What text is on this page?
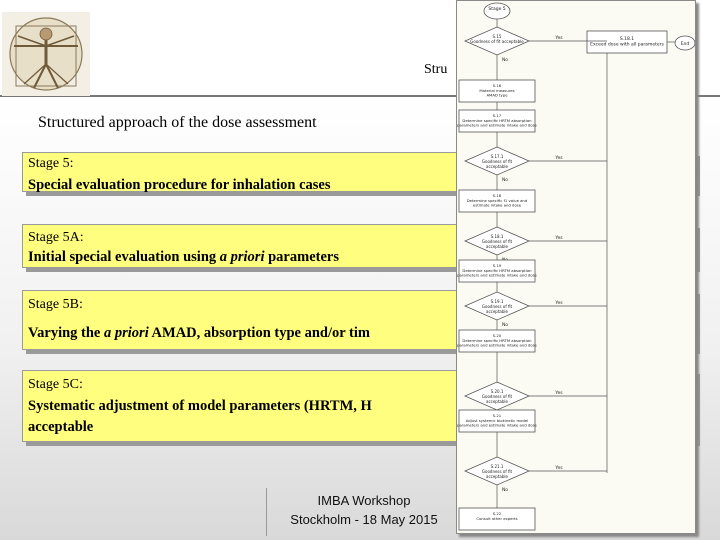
Stru
Structured approach of the dose assessment
Stage 5:
Special evaluation procedure for inhalation cases
Stage 5A:
Initial special evaluation using a priori parameters
Stage 5B:
Varying the a priori AMAD, absorption type and/or tim
Stage 5C:
Systematic adjustment of model parameters (HRTM, H
acceptable
IMBA Workshop
Stockholm - 18 May 2015
Stage 5
End
S.18.1 Exceed dose with all parameters
S.15 Goodness of fit acceptable
Yes
No
S.16 Material measures AMAD type
S.17 Determine specific HRTM absorption parameters and estimate intake and dose
S.17.1 Goodness of fit acceptable
Yes
No
S.18 Determine specific f1 value and estimate intake and dose
S.18.1 Goodness of fit acceptable
Yes
S.19 Determine specific HRTM absorption parameters and estimate intake and dose
S.19.1 Goodness of fit acceptable
Yes
No
S.20 Determine specific HRTM absorption parameters and estimate intake and dose
S.20.1 Goodness of fit acceptable
Yes
S.21 Adjust systemic biokinetic model parameters and estimate intake and dose
S.21.1 Goodness of fit acceptable
Yes
No
S.22 Consult other experts
